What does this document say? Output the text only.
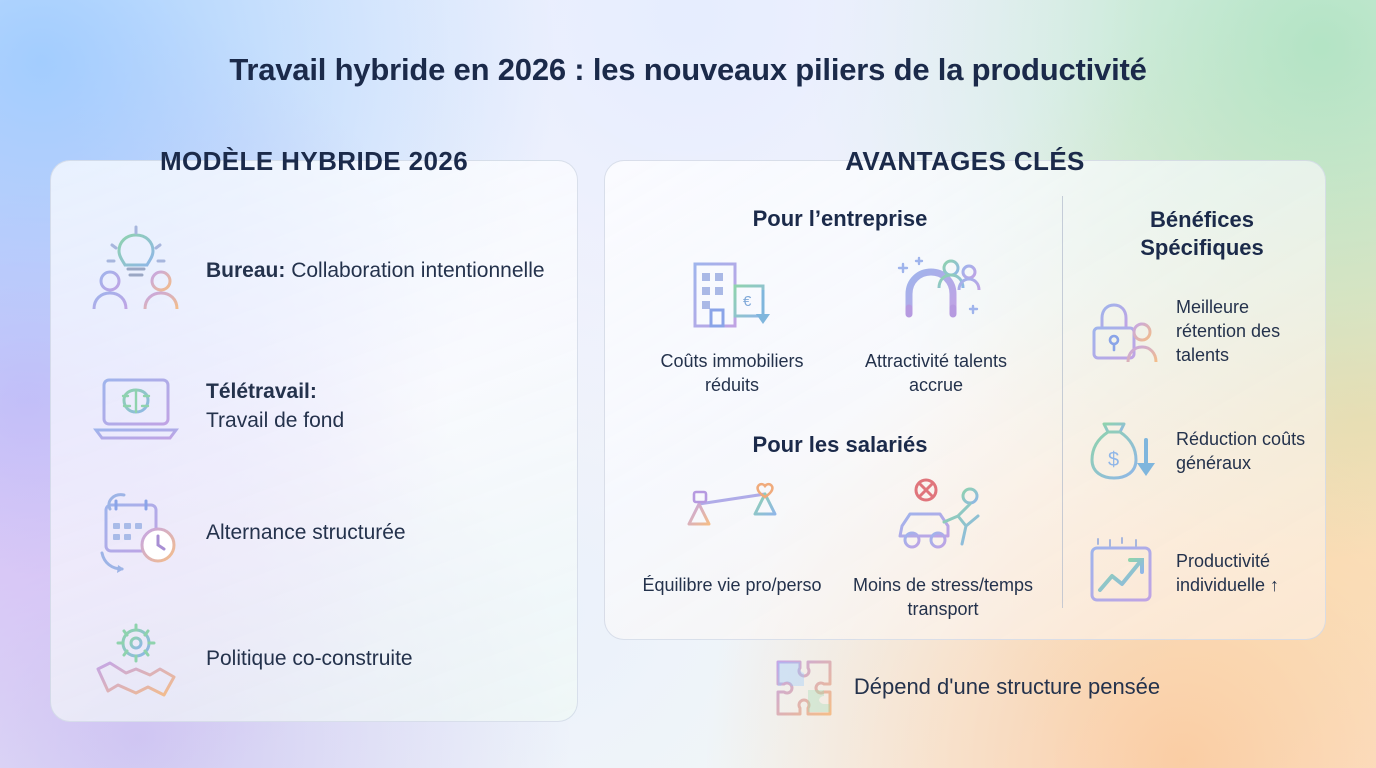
Travail hybride en 2026 : les nouveaux piliers de la productivité
MODÈLE HYBRIDE 2026
Bureau: Collaboration intentionnelle
Télétravail:
Travail de fond
Alternance structurée
Politique co-construite
AVANTAGES CLÉS
Pour l’entreprise
€
Coûts immobiliers réduits
Attractivité talents accrue
Pour les salariés
Équilibre vie pro/perso	Moins de stress/temps transport
Bénéfices
Spécifiques
Meilleure rétention des talents
$
Réduction coûts généraux
Productivité individuelle ↑
Dépend d'une structure pensée
